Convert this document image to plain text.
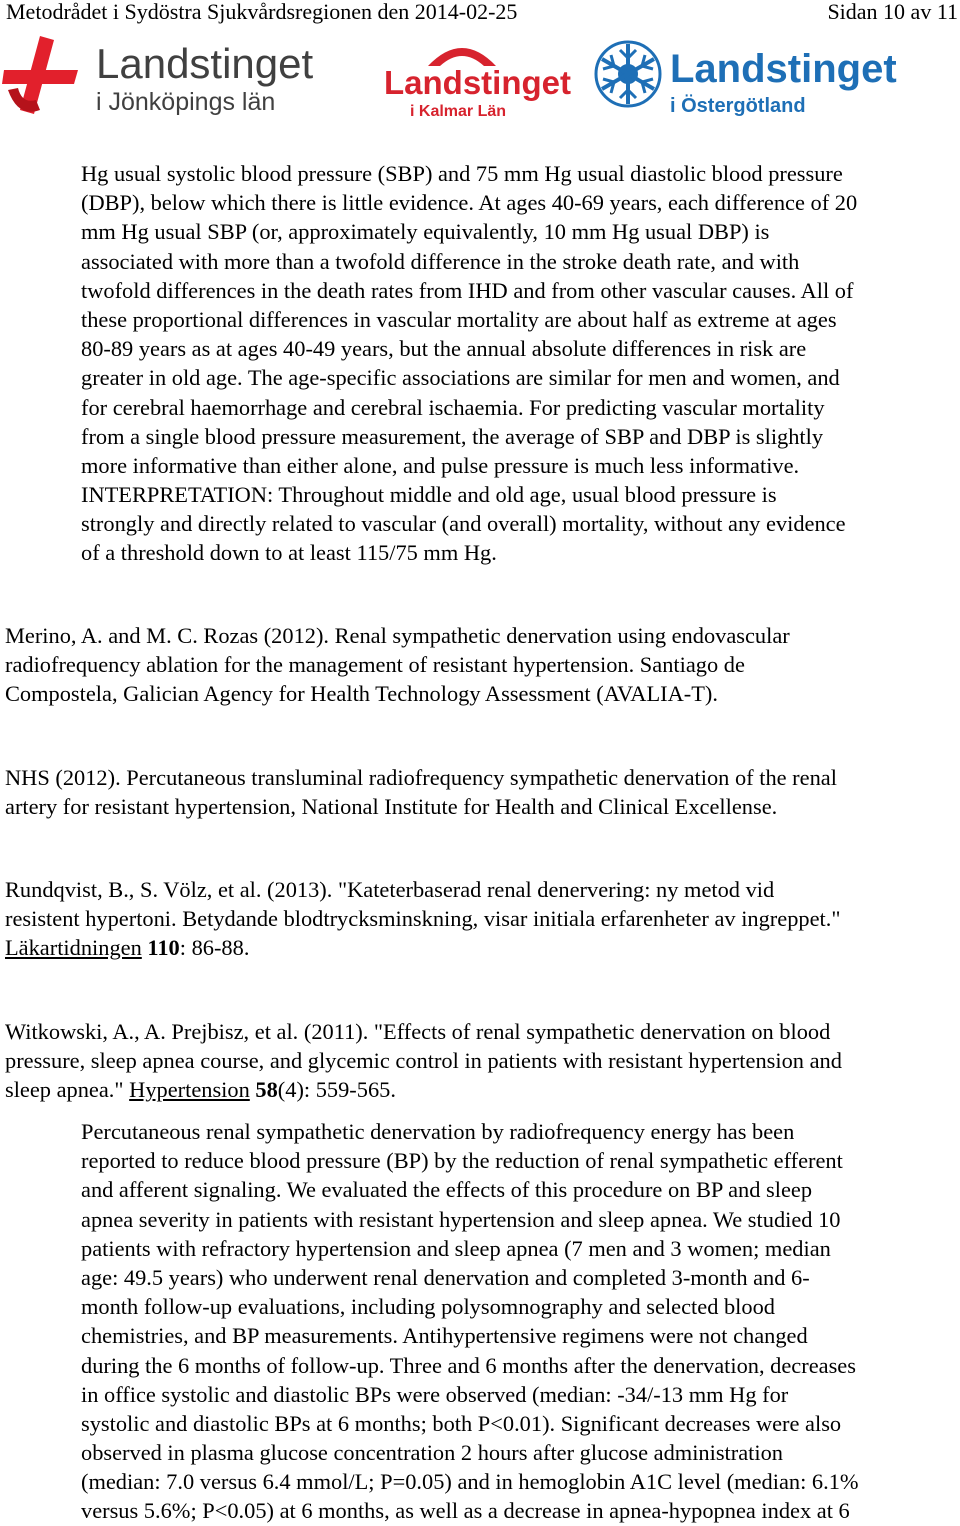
Metodrådet i Sydöstra Sjukvårdsregionen den 2014-02-25	Sidan 10 av 11
Landstinget
i Jönköpings län
Landstinget
i Kalmar Län
Landstinget
i Östergötland
Hg usual systolic blood pressure (SBP) and 75 mm Hg usual diastolic blood pressure
(DBP), below which there is little evidence. At ages 40-69 years, each difference of 20
mm Hg usual SBP (or, approximately equivalently, 10 mm Hg usual DBP) is
associated with more than a twofold difference in the stroke death rate, and with
twofold differences in the death rates from IHD and from other vascular causes. All of
these proportional differences in vascular mortality are about half as extreme at ages
80-89 years as at ages 40-49 years, but the annual absolute differences in risk are
greater in old age. The age-specific associations are similar for men and women, and
for cerebral haemorrhage and cerebral ischaemia. For predicting vascular mortality
from a single blood pressure measurement, the average of SBP and DBP is slightly
more informative than either alone, and pulse pressure is much less informative.
INTERPRETATION: Throughout middle and old age, usual blood pressure is
strongly and directly related to vascular (and overall) mortality, without any evidence
of a threshold down to at least 115/75 mm Hg.
Merino, A. and M. C. Rozas (2012). Renal sympathetic denervation using endovascular
radiofrequency ablation for the management of resistant hypertension. Santiago de
Compostela, Galician Agency for Health Technology Assessment (AVALIA-T).
NHS (2012). Percutaneous transluminal radiofrequency sympathetic denervation of the renal
artery for resistant hypertension, National Institute for Health and Clinical Excellense.
Rundqvist, B., S. Völz, et al. (2013). "Kateterbaserad renal denervering: ny metod vid
resistent hypertoni. Betydande blodtrycksminskning, visar initiala erfarenheter av ingreppet."
Läkartidningen 110: 86-88.
Witkowski, A., A. Prejbisz, et al. (2011). "Effects of renal sympathetic denervation on blood
pressure, sleep apnea course, and glycemic control in patients with resistant hypertension and
sleep apnea." Hypertension 58(4): 559-565.
Percutaneous renal sympathetic denervation by radiofrequency energy has been
reported to reduce blood pressure (BP) by the reduction of renal sympathetic efferent
and afferent signaling. We evaluated the effects of this procedure on BP and sleep
apnea severity in patients with resistant hypertension and sleep apnea. We studied 10
patients with refractory hypertension and sleep apnea (7 men and 3 women; median
age: 49.5 years) who underwent renal denervation and completed 3-month and 6-
month follow-up evaluations, including polysomnography and selected blood
chemistries, and BP measurements. Antihypertensive regimens were not changed
during the 6 months of follow-up. Three and 6 months after the denervation, decreases
in office systolic and diastolic BPs were observed (median: -34/-13 mm Hg for
systolic and diastolic BPs at 6 months; both P<0.01). Significant decreases were also
observed in plasma glucose concentration 2 hours after glucose administration
(median: 7.0 versus 6.4 mmol/L; P=0.05) and in hemoglobin A1C level (median: 6.1%
versus 5.6%; P<0.05) at 6 months, as well as a decrease in apnea-hypopnea index at 6
